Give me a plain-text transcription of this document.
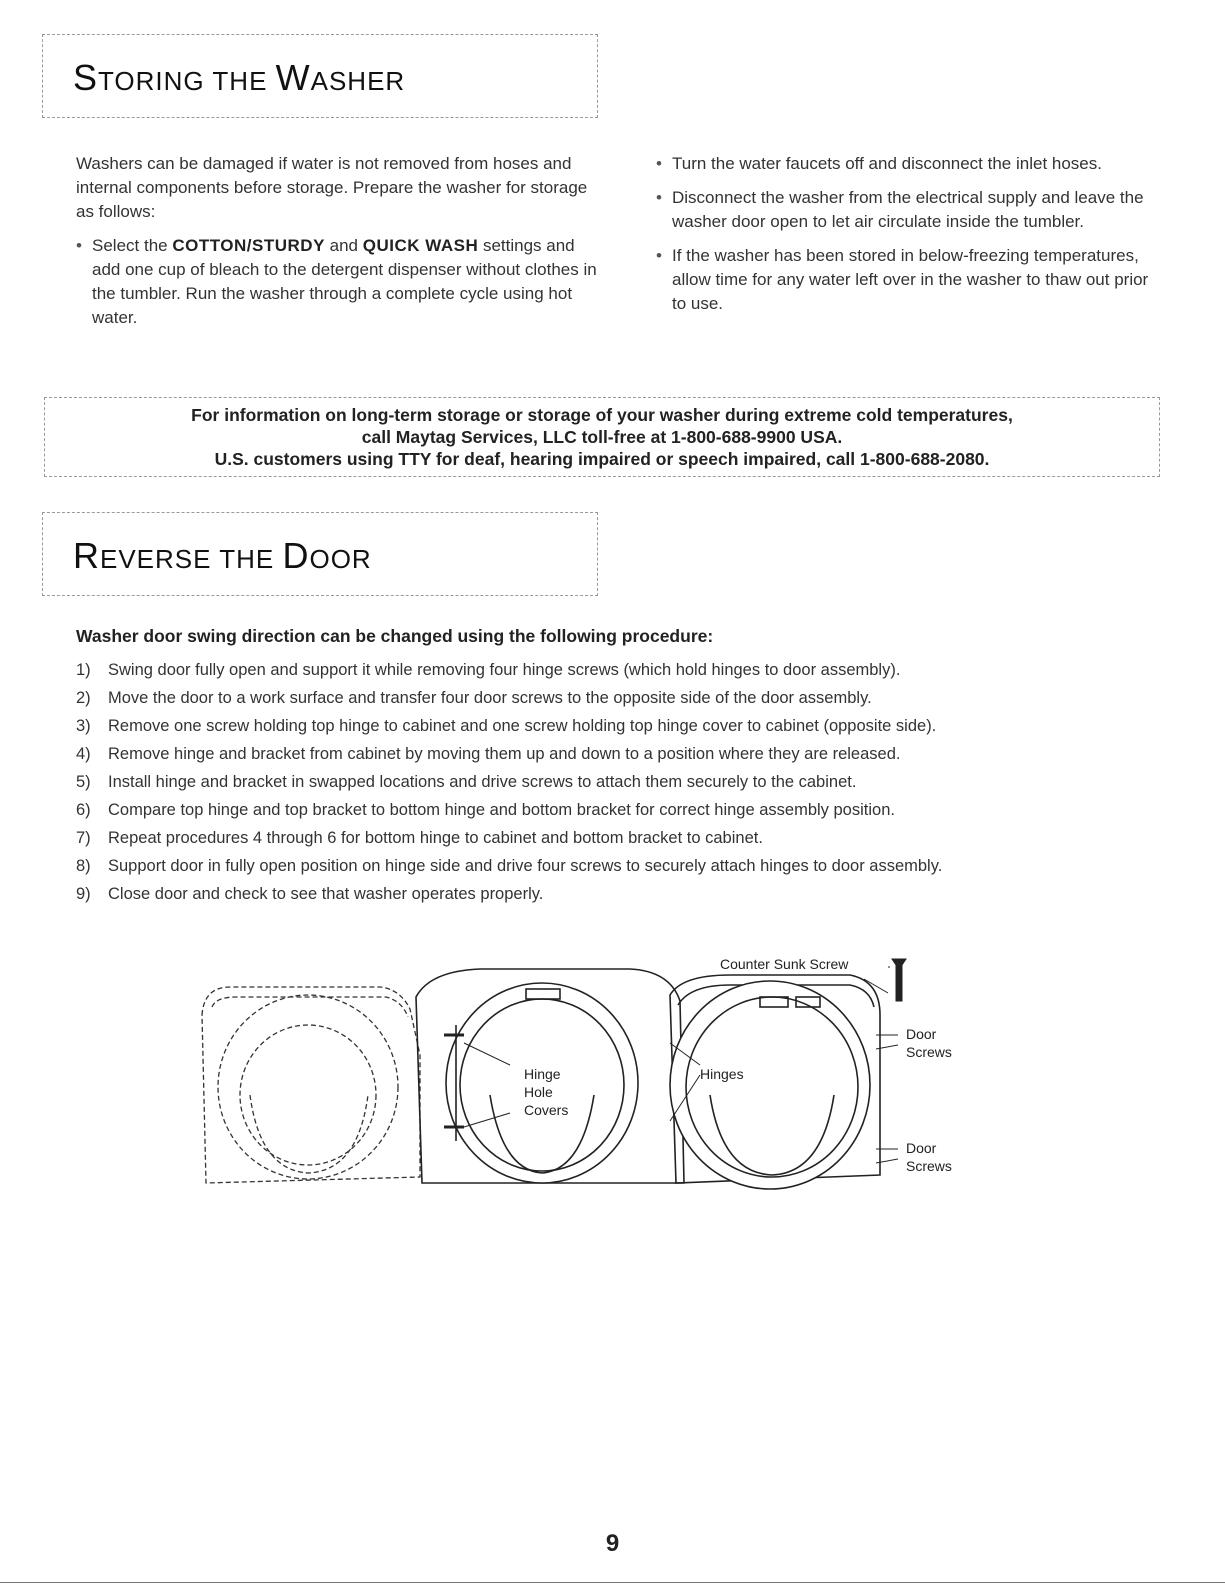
STORING THE WASHER
Washers can be damaged if water is not removed from hoses and internal components before storage. Prepare the washer for storage as follows:
• Select the COTTON/STURDY and QUICK WASH settings and add one cup of bleach to the detergent dispenser without clothes in the tumbler. Run the washer through a complete cycle using hot water.
• Turn the water faucets off and disconnect the inlet hoses.
• Disconnect the washer from the electrical supply and leave the washer door open to let air circulate inside the tumbler.
• If the washer has been stored in below-freezing temperatures, allow time for any water left over in the washer to thaw out prior to use.
For information on long-term storage or storage of your washer during extreme cold temperatures,
call Maytag Services, LLC toll-free at 1-800-688-9900 USA.
U.S. customers using TTY for deaf, hearing impaired or speech impaired, call 1-800-688-2080.
REVERSE THE DOOR
Washer door swing direction can be changed using the following procedure:
1) Swing door fully open and support it while removing four hinge screws (which hold hinges to door assembly).
2) Move the door to a work surface and transfer four door screws to the opposite side of the door assembly.
3) Remove one screw holding top hinge to cabinet and one screw holding top hinge cover to cabinet (opposite side).
4) Remove hinge and bracket from cabinet by moving them up and down to a position where they are released.
5) Install hinge and bracket in swapped locations and drive screws to attach them securely to the cabinet.
6) Compare top hinge and top bracket to bottom hinge and bottom bracket for correct hinge assembly position.
7) Repeat procedures 4 through 6 for bottom hinge to cabinet and bottom bracket to cabinet.
8) Support door in fully open position on hinge side and drive four screws to securely attach hinges to door assembly.
9) Close door and check to see that washer operates properly.
Counter Sunk Screw
Hinge
Hole
Covers
Hinges
Door
Screws
Door
Screws
9
